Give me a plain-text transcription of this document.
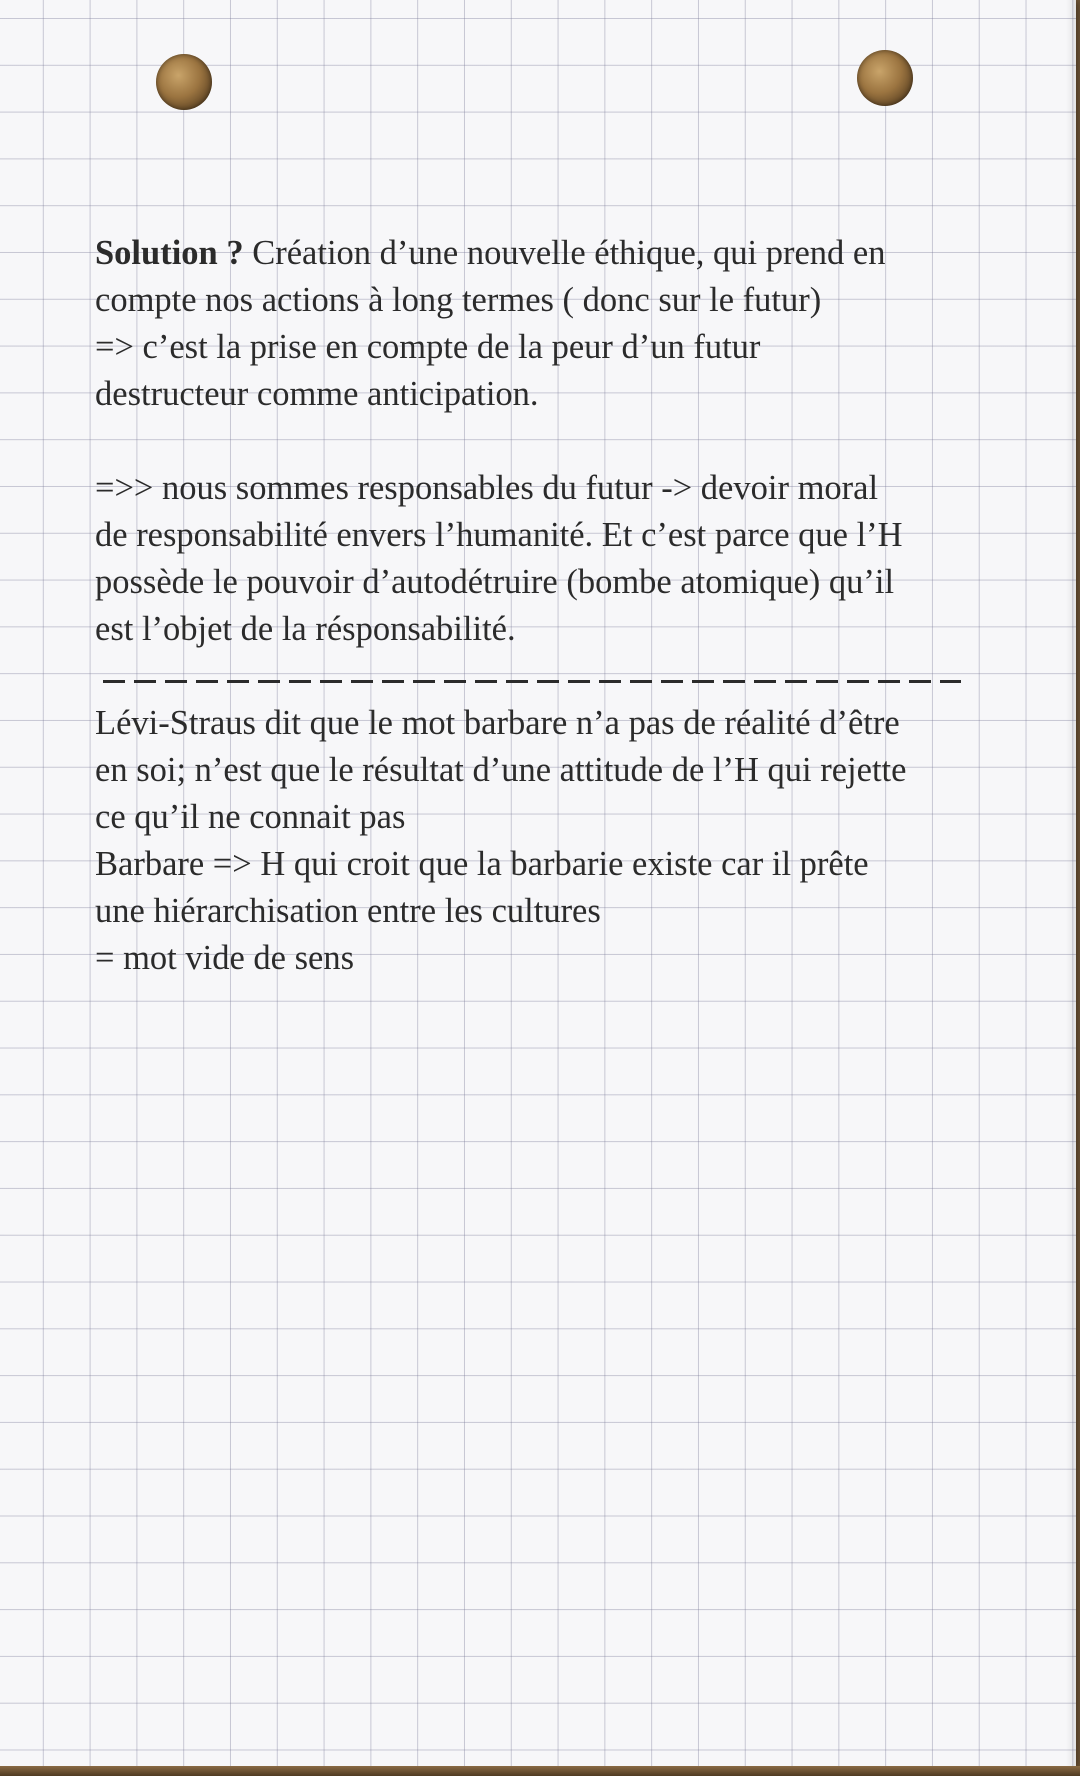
Solution ? Création d’une nouvelle éthique, qui prend en
compte nos actions à long termes ( donc sur le futur)
=> c’est la prise en compte de la peur d’un futur
destructeur comme anticipation.

=>> nous sommes responsables du futur -> devoir moral
de responsabilité envers l’humanité. Et c’est parce que l’H
possède le pouvoir d’autodétruire (bombe atomique) qu’il
est l’objet de la résponsabilité.

Lévi-Straus dit que le mot barbare n’a pas de réalité d’être
en soi; n’est que le résultat d’une attitude de l’H qui rejette
ce qu’il ne connait pas
Barbare => H qui croit que la barbarie existe car il prête
une hiérarchisation entre les cultures
= mot vide de sens
